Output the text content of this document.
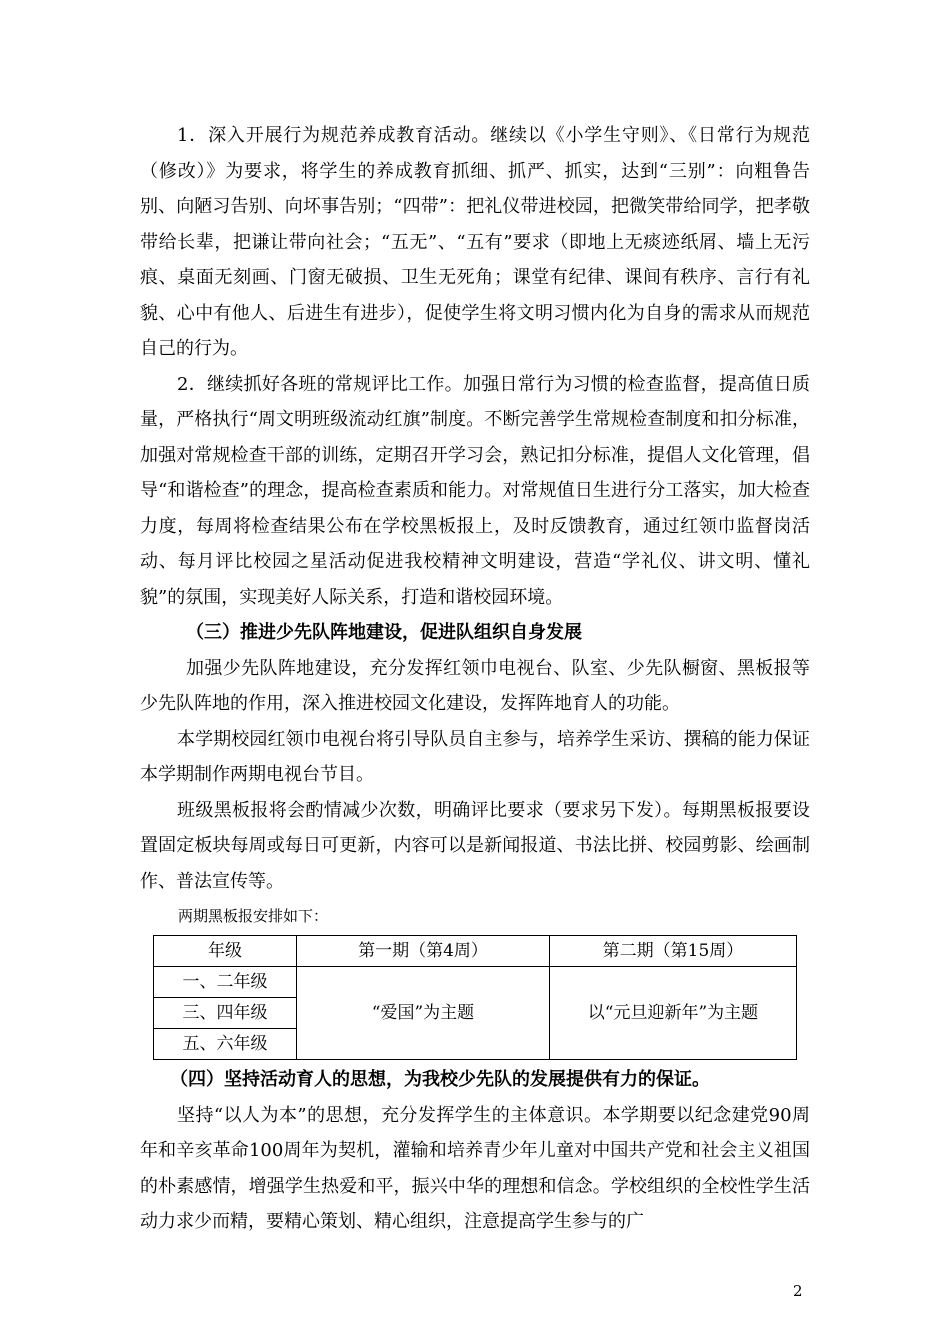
1．深入开展行为规范养成教育活动。继续以《小学生守则》、《日常行为规范（修改）》为要求，将学生的养成教育抓细、抓严、抓实，达到“三别”：向粗鲁告别、向陋习告别、向坏事告别；“四带”：把礼仪带进校园，把微笑带给同学，把孝敬带给长辈，把谦让带向社会；“五无”、“五有”要求（即地上无痰迹纸屑、墙上无污痕、桌面无刻画、门窗无破损、卫生无死角；课堂有纪律、课间有秩序、言行有礼貌、心中有他人、后进生有进步），促使学生将文明习惯内化为自身的需求从而规范自己的行为。

2．继续抓好各班的常规评比工作。加强日常行为习惯的检查监督，提高值日质量，严格执行“周文明班级流动红旗”制度。不断完善学生常规检查制度和扣分标准，加强对常规检查干部的训练，定期召开学习会，熟记扣分标准，提倡人文化管理，倡导“和谐检查”的理念，提高检查素质和能力。对常规值日生进行分工落实，加大检查力度，每周将检查结果公布在学校黑板报上，及时反馈教育，通过红领巾监督岗活动、每月评比校园之星活动促进我校精神文明建设，营造“学礼仪、讲文明、懂礼貌”的氛围，实现美好人际关系，打造和谐校园环境。

（三）推进少先队阵地建设，促进队组织自身发展

加强少先队阵地建设，充分发挥红领巾电视台、队室、少先队橱窗、黑板报等少先队阵地的作用，深入推进校园文化建设，发挥阵地育人的功能。

本学期校园红领巾电视台将引导队员自主参与，培养学生采访、撰稿的能力保证本学期制作两期电视台节目。

班级黑板报将会酌情减少次数，明确评比要求（要求另下发）。每期黑板报要设置固定板块每周或每日可更新，内容可以是新闻报道、书法比拼、校园剪影、绘画制作、普法宣传等。

两期黑板报安排如下：

年级	第一期（第4周）	第二期（第15周）
一、二年级	“爱国”为主题	以“元旦迎新年”为主题
三、四年级		
五、六年级		

（四）坚持活动育人的思想，为我校少先队的发展提供有力的保证。

坚持“以人为本”的思想，充分发挥学生的主体意识。本学期要以纪念建党90周年和辛亥革命100周年为契机，灌输和培养青少年儿童对中国共产党和社会主义祖国的朴素感情，增强学生热爱和平，振兴中华的理想和信念。学校组织的全校性学生活动力求少而精，要精心策划、精心组织，注意提高学生参与的广

2
